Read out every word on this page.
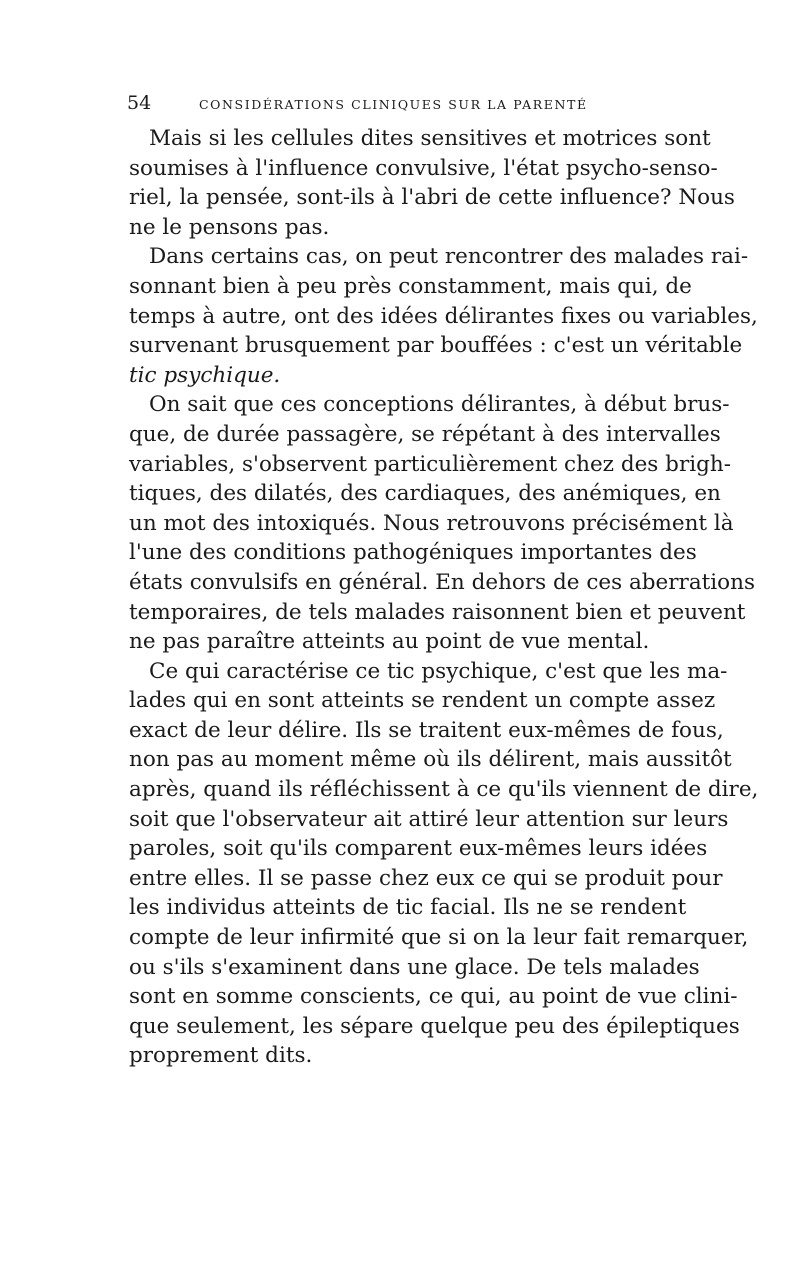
54	CONSIDÉRATIONS CLINIQUES SUR LA PARENTÉ

Mais si les cellules dites sensitives et motrices sont
soumises à l'influence convulsive, l'état psycho-senso-
riel, la pensée, sont-ils à l'abri de cette influence? Nous
ne le pensons pas.

Dans certains cas, on peut rencontrer des malades rai-
sonnant bien à peu près constamment, mais qui, de
temps à autre, ont des idées délirantes fixes ou variables,
survenant brusquement par bouffées : c'est un véritable
tic psychique.

On sait que ces conceptions délirantes, à début brus-
que, de durée passagère, se répétant à des intervalles
variables, s'observent particulièrement chez des brigh-
tiques, des dilatés, des cardiaques, des anémiques, en
un mot des intoxiqués. Nous retrouvons précisément là
l'une des conditions pathogéniques importantes des
états convulsifs en général. En dehors de ces aberrations
temporaires, de tels malades raisonnent bien et peuvent
ne pas paraître atteints au point de vue mental.

Ce qui caractérise ce tic psychique, c'est que les ma-
lades qui en sont atteints se rendent un compte assez
exact de leur délire. Ils se traitent eux-mêmes de fous,
non pas au moment même où ils délirent, mais aussitôt
après, quand ils réfléchissent à ce qu'ils viennent de dire,
soit que l'observateur ait attiré leur attention sur leurs
paroles, soit qu'ils comparent eux-mêmes leurs idées
entre elles. Il se passe chez eux ce qui se produit pour
les individus atteints de tic facial. Ils ne se rendent
compte de leur infirmité que si on la leur fait remarquer,
ou s'ils s'examinent dans une glace. De tels malades
sont en somme conscients, ce qui, au point de vue clini-
que seulement, les sépare quelque peu des épileptiques
proprement dits.
